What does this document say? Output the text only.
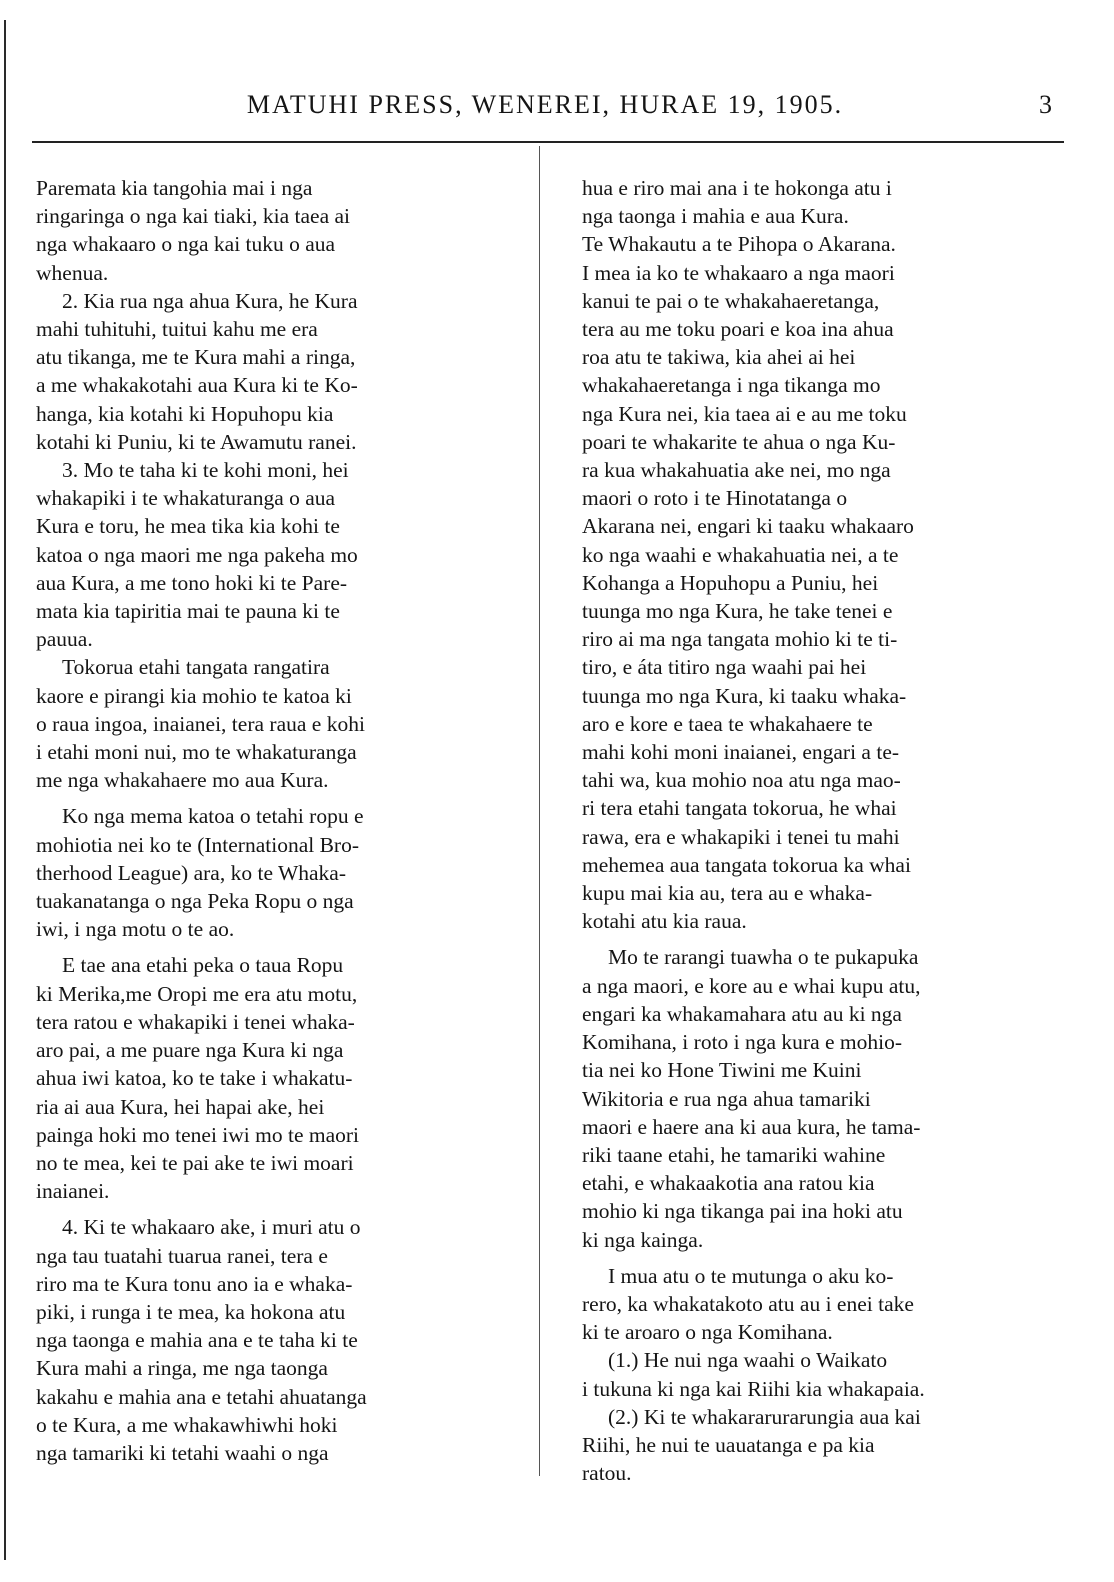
MATUHI PRESS, WENEREI, HURAE 19, 1905.	3
Paremata kia tangohia mai i nga
ringaringa o nga kai tiaki, kia taea ai
nga whakaaro o nga kai tuku o aua
whenua.
2. Kia rua nga ahua Kura, he Kura
mahi tuhituhi, tuitui kahu me era
atu tikanga, me te Kura mahi a ringa,
a me whakakotahi aua Kura ki te Ko-
hanga, kia kotahi ki Hopuhopu kia
kotahi ki Puniu, ki te Awamutu ranei.
3. Mo te taha ki te kohi moni, hei
whakapiki i te whakaturanga o aua
Kura e toru, he mea tika kia kohi te
katoa o nga maori me nga pakeha mo
aua Kura, a me tono hoki ki te Pare-
mata kia tapiritia mai te pauna ki te
pauua.
Tokorua etahi tangata rangatira
kaore e pirangi kia mohio te katoa ki
o raua ingoa, inaianei, tera raua e kohi
i etahi moni nui, mo te whakaturanga
me nga whakahaere mo aua Kura.
Ko nga mema katoa o tetahi ropu e
mohiotia nei ko te (International Bro-
therhood League) ara, ko te Whaka-
tuakanatanga o nga Peka Ropu o nga
iwi, i nga motu o te ao.
E tae ana etahi peka o taua Ropu
ki Merika,me Oropi me era atu motu,
tera ratou e whakapiki i tenei whaka-
aro pai, a me puare nga Kura ki nga
ahua iwi katoa, ko te take i whakatu-
ria ai aua Kura, hei hapai ake, hei
painga hoki mo tenei iwi mo te maori
no te mea, kei te pai ake te iwi moari
inaianei.
4. Ki te whakaaro ake, i muri atu o
nga tau tuatahi tuarua ranei, tera e
riro ma te Kura tonu ano ia e whaka-
piki, i runga i te mea, ka hokona atu
nga taonga e mahia ana e te taha ki te
Kura mahi a ringa, me nga taonga
kakahu e mahia ana e tetahi ahuatanga
o te Kura, a me whakawhiwhi hoki
nga tamariki ki tetahi waahi o nga
hua e riro mai ana i te hokonga atu i
nga taonga i mahia e aua Kura.
Te Whakautu a te Pihopa o Akarana.
I mea ia ko te whakaaro a nga maori
kanui te pai o te whakahaeretanga,
tera au me toku poari e koa ina ahua
roa atu te takiwa, kia ahei ai hei
whakahaeretanga i nga tikanga mo
nga Kura nei, kia taea ai e au me toku
poari te whakarite te ahua o nga Ku-
ra kua whakahuatia ake nei, mo nga
maori o roto i te Hinotatanga o
Akarana nei, engari ki taaku whakaaro
ko nga waahi e whakahuatia nei, a te
Kohanga a Hopuhopu a Puniu, hei
tuunga mo nga Kura, he take tenei e
riro ai ma nga tangata mohio ki te ti-
tiro, e áta titiro nga waahi pai hei
tuunga mo nga Kura, ki taaku whaka-
aro e kore e taea te whakahaere te
mahi kohi moni inaianei, engari a te-
tahi wa, kua mohio noa atu nga mao-
ri tera etahi tangata tokorua, he whai
rawa, era e whakapiki i tenei tu mahi
mehemea aua tangata tokorua ka whai
kupu mai kia au, tera au e whaka-
kotahi atu kia raua.
Mo te rarangi tuawha o te pukapuka
a nga maori, e kore au e whai kupu atu,
engari ka whakamahara atu au ki nga
Komihana, i roto i nga kura e mohio-
tia nei ko Hone Tiwini me Kuini
Wikitoria e rua nga ahua tamariki
maori e haere ana ki aua kura, he tama-
riki taane etahi, he tamariki wahine
etahi, e whakaakotia ana ratou kia
mohio ki nga tikanga pai ina hoki atu
ki nga kainga.
I mua atu o te mutunga o aku ko-
rero, ka whakatakoto atu au i enei take
ki te aroaro o nga Komihana.
(1.) He nui nga waahi o Waikato
i tukuna ki nga kai Riihi kia whakapaia.
(2.) Ki te whakararurarungia aua kai
Riihi, he nui te uauatanga e pa kia
ratou.
